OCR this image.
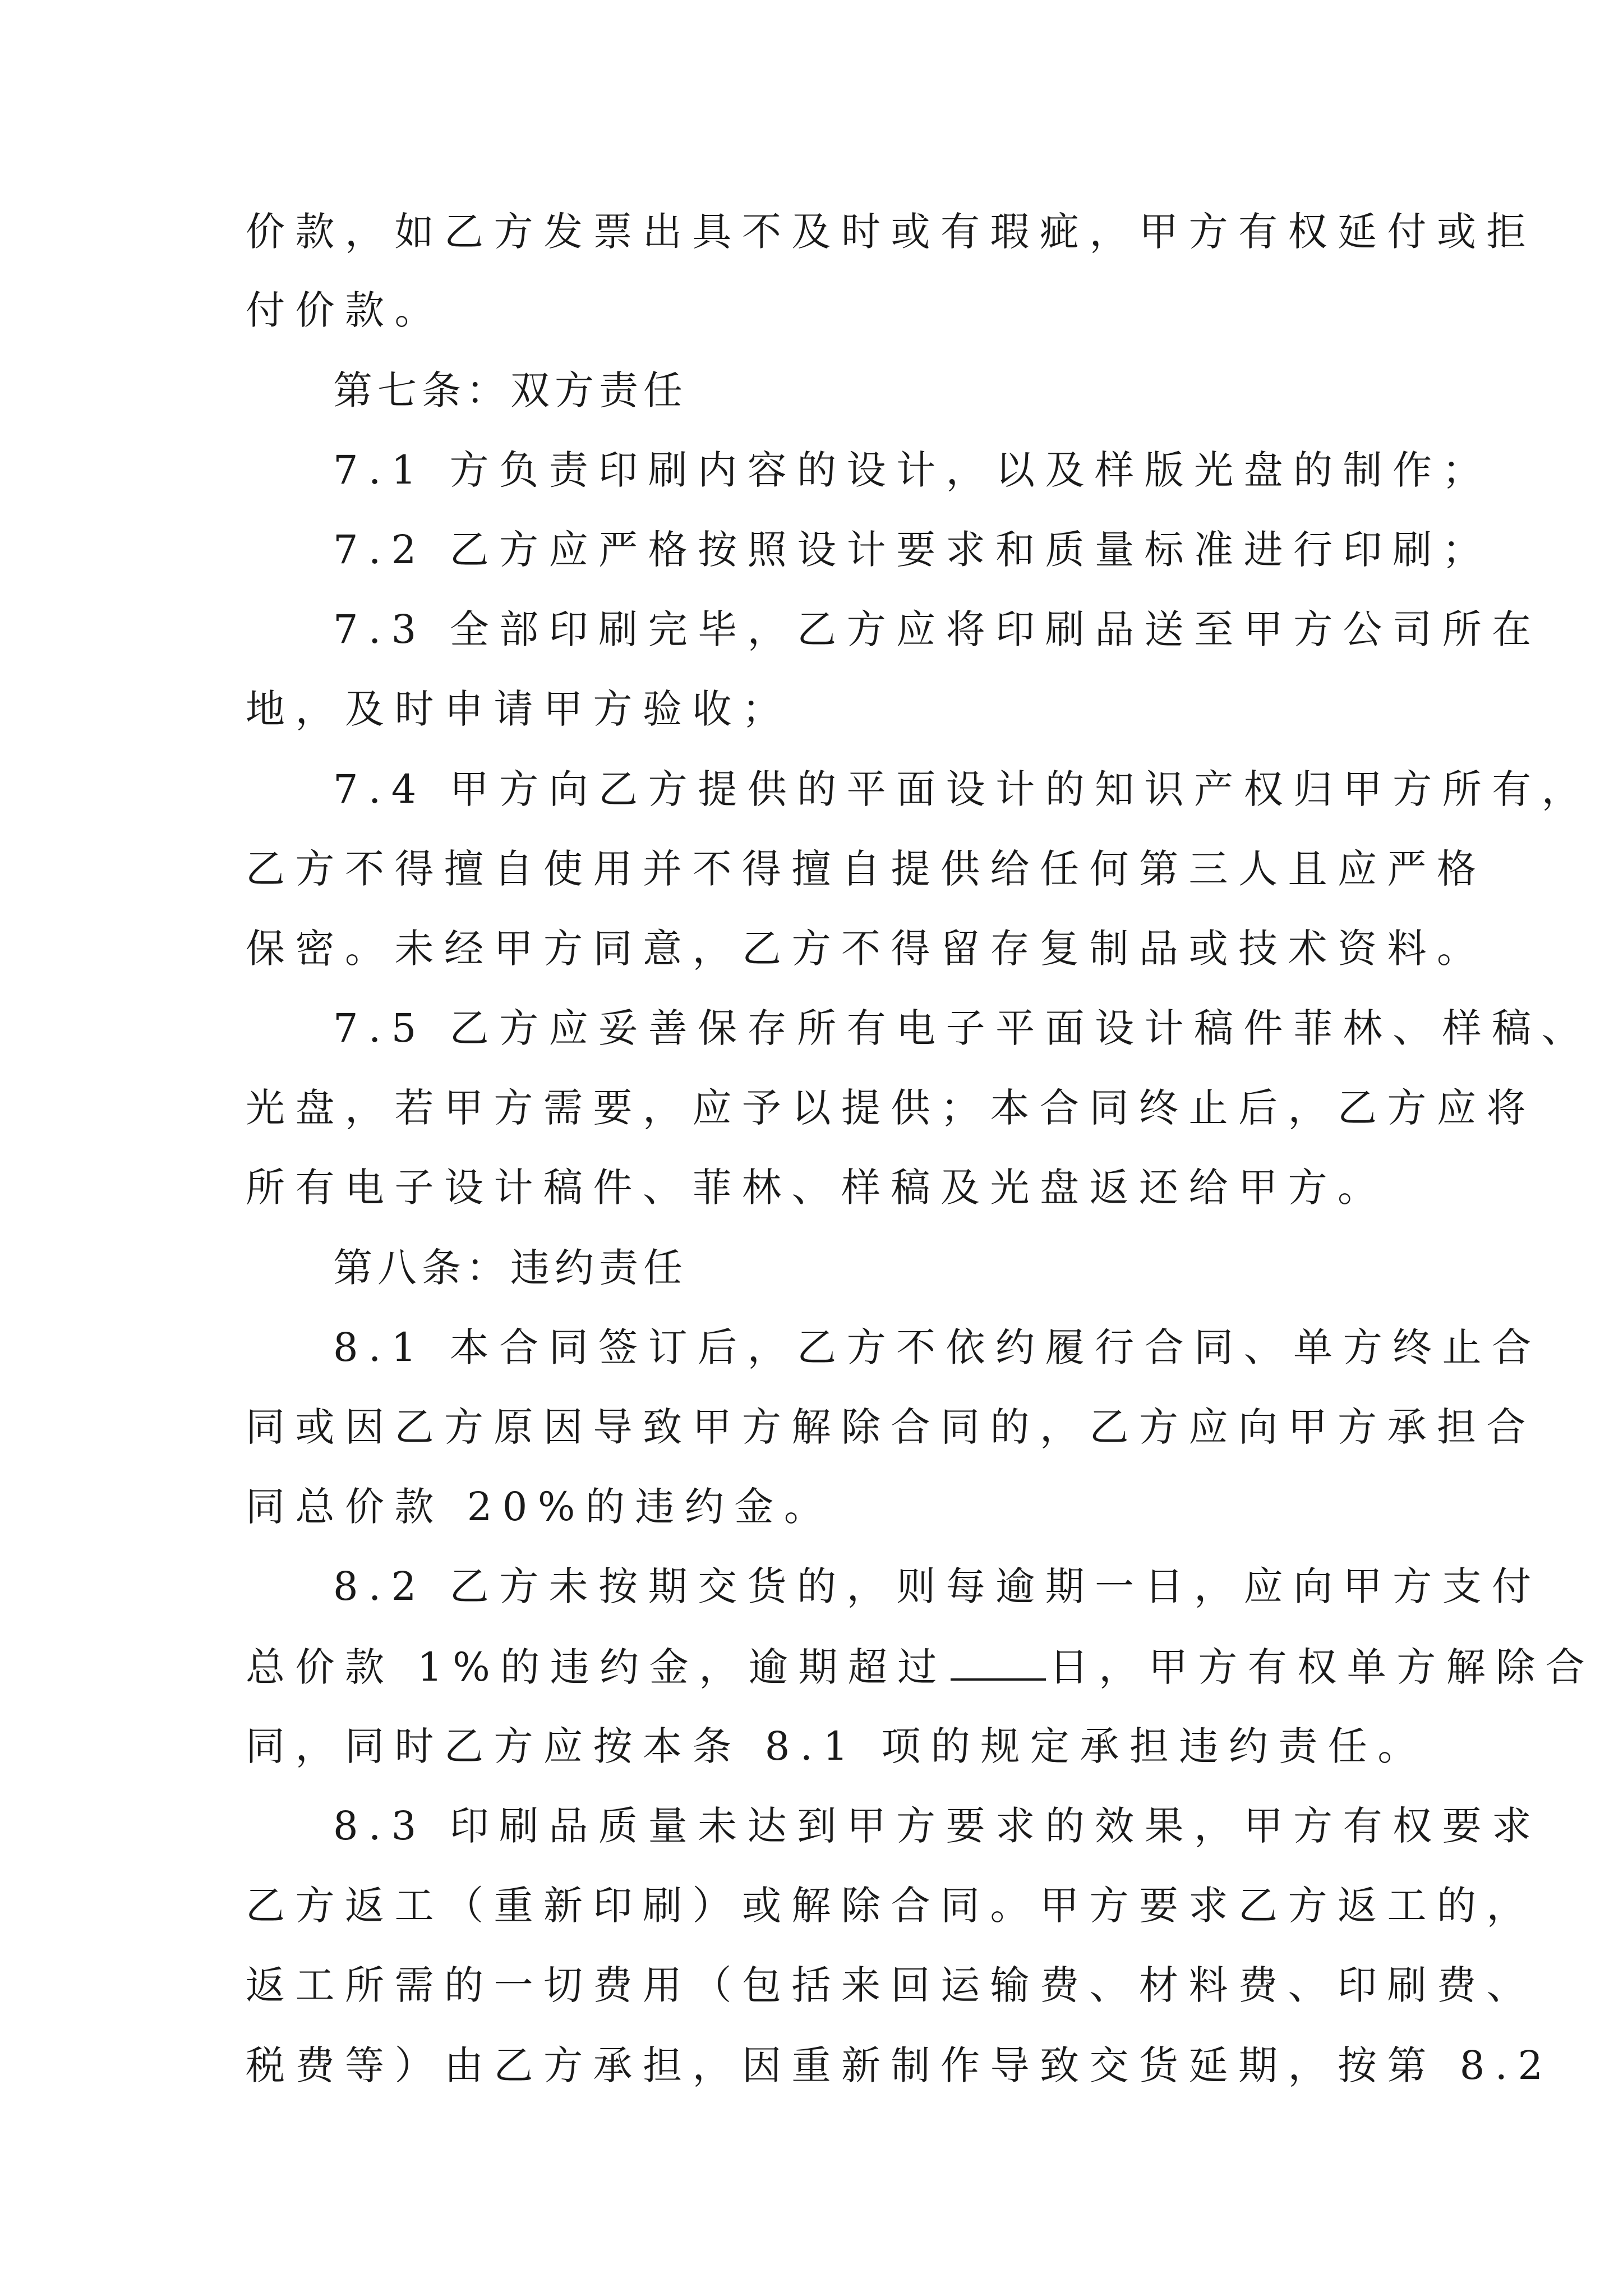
价款，如乙方发票出具不及时或有瑕疵，甲方有权延付或拒

付价款。

第七条：双方责任

7.1 方负责印刷内容的设计，以及样版光盘的制作；

7.2 乙方应严格按照设计要求和质量标准进行印刷；

7.3 全部印刷完毕，乙方应将印刷品送至甲方公司所在

地，及时申请甲方验收；

7.4 甲方向乙方提供的平面设计的知识产权归甲方所有，

乙方不得擅自使用并不得擅自提供给任何第三人且应严格

保密。未经甲方同意，乙方不得留存复制品或技术资料。

7.5 乙方应妥善保存所有电子平面设计稿件菲林、样稿、

光盘，若甲方需要，应予以提供；本合同终止后，乙方应将

所有电子设计稿件、菲林、样稿及光盘返还给甲方。

第八条：违约责任

8.1 本合同签订后，乙方不依约履行合同、单方终止合

同或因乙方原因导致甲方解除合同的，乙方应向甲方承担合

同总价款 20%的违约金。

8.2 乙方未按期交货的，则每逾期一日，应向甲方支付

总价款 1%的违约金，逾期超过	日，甲方有权单方解除合

同，同时乙方应按本条 8.1 项的规定承担违约责任。

8.3 印刷品质量未达到甲方要求的效果，甲方有权要求

乙方返工（重新印刷）或解除合同。甲方要求乙方返工的，

返工所需的一切费用（包括来回运输费、材料费、印刷费、

税费等）由乙方承担，因重新制作导致交货延期，按第 8.2
